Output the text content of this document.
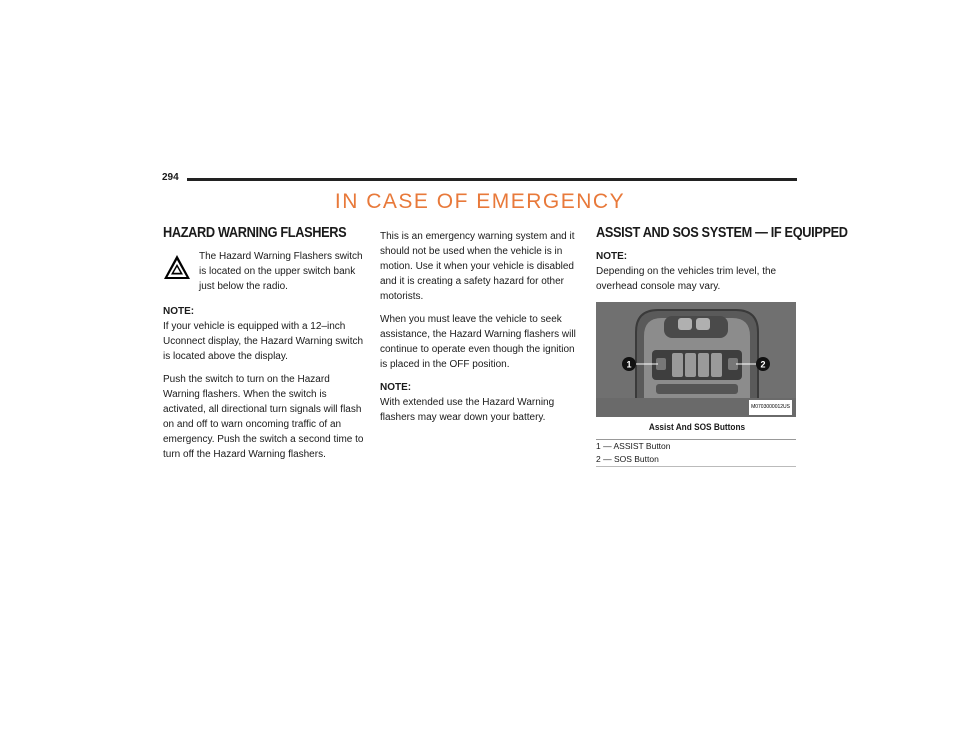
294
IN CASE OF EMERGENCY
HAZARD WARNING FLASHERS

The Hazard Warning Flashers switch is located on the upper switch bank just below the radio.

NOTE:
If your vehicle is equipped with a 12–inch Uconnect display, the Hazard Warning switch is located above the display.

Push the switch to turn on the Hazard Warning flashers. When the switch is activated, all directional turn signals will flash on and off to warn oncoming traffic of an emergency. Push the switch a second time to turn off the Hazard Warning flashers.

This is an emergency warning system and it should not be used when the vehicle is in motion. Use it when your vehicle is disabled and it is creating a safety hazard for other motorists.

When you must leave the vehicle to seek assistance, the Hazard Warning flashers will continue to operate even though the ignition is placed in the OFF position.

NOTE:
With extended use the Hazard Warning flashers may wear down your battery.

ASSIST AND SOS SYSTEM — IF EQUIPPED

NOTE:
Depending on the vehicles trim level, the overhead console may vary.

1	2
M0703000012US
Assist And SOS Buttons
1 — ASSIST Button
2 — SOS Button
